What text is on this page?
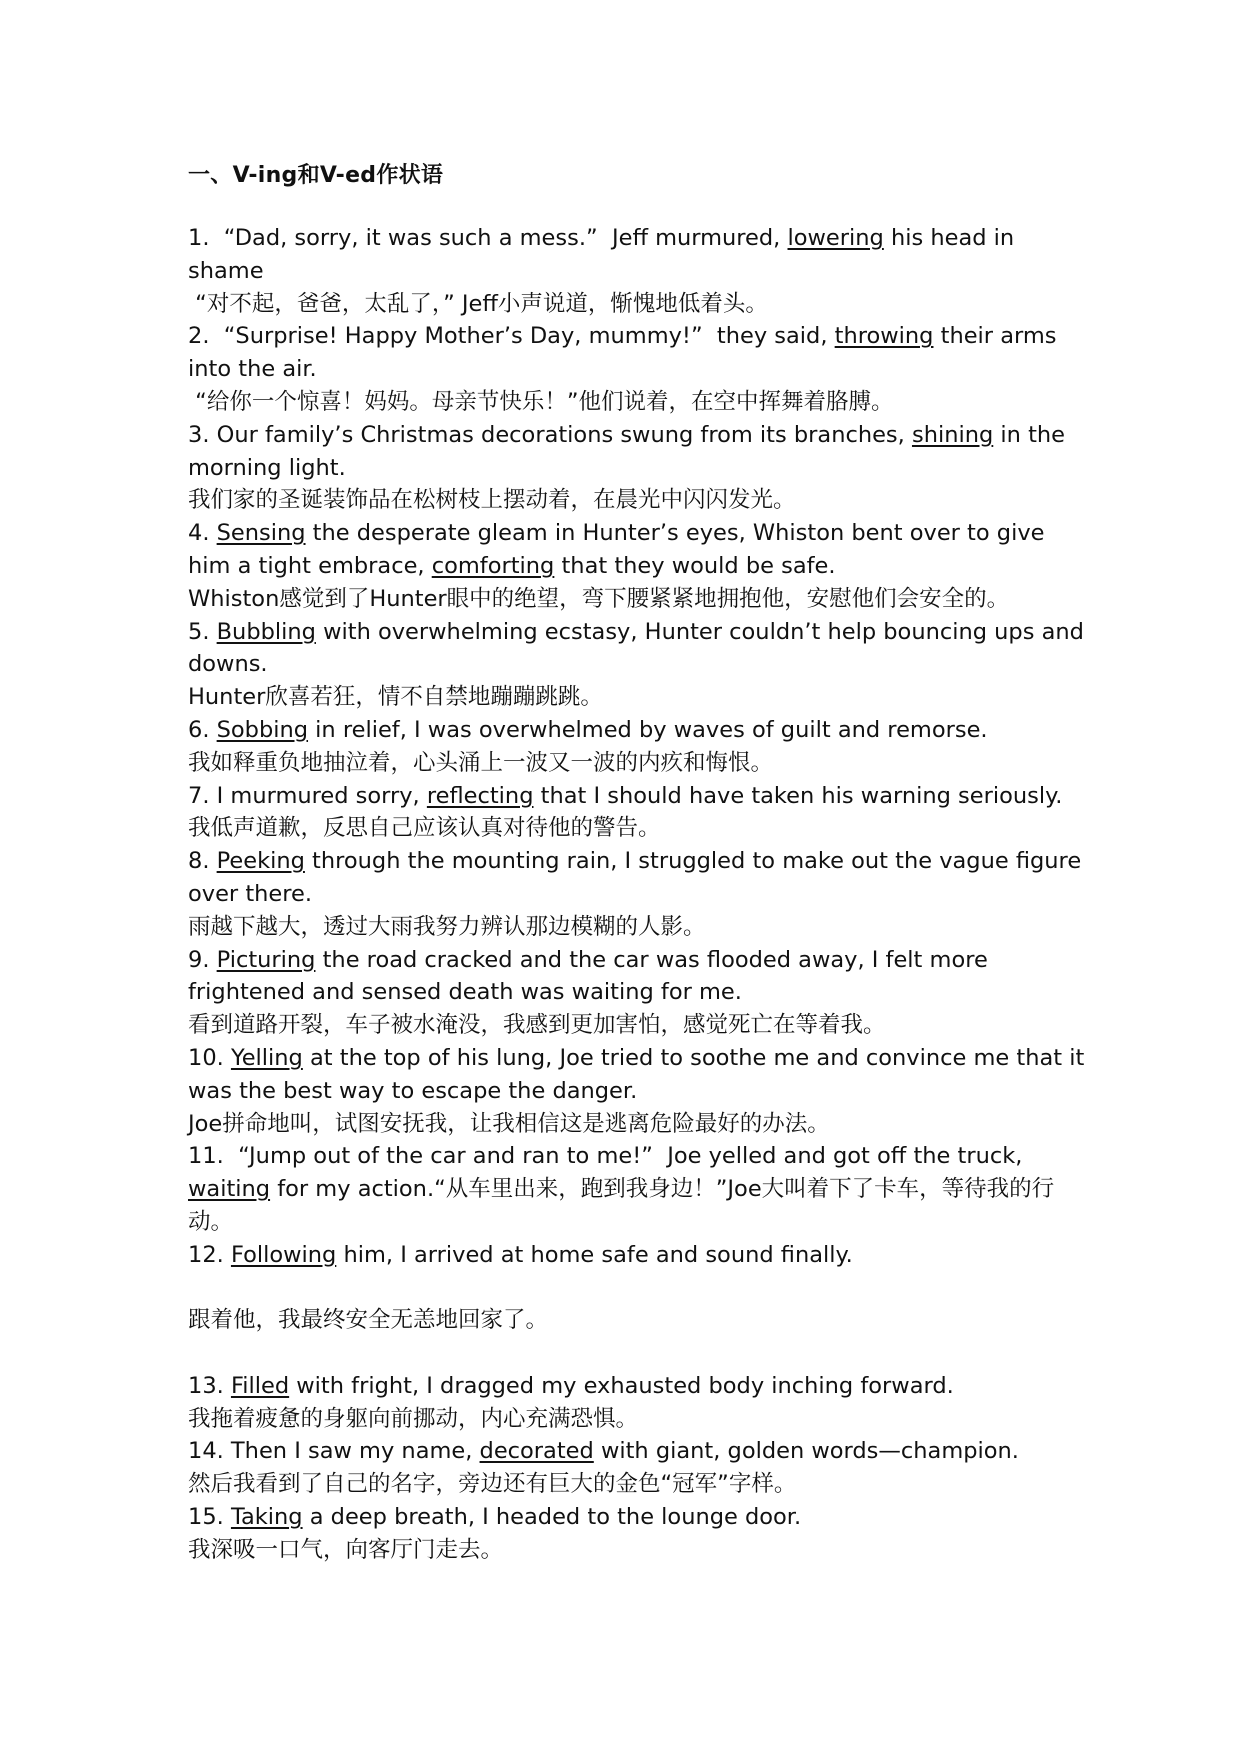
一、V-ing和V-ed作状语

1.  “Dad, sorry, it was such a mess.”  Jeff murmured, lowering his head in shame

“对不起，爸爸，太乱了，” Jeff小声说道，惭愧地低着头。

2.  “Surprise! Happy Mother’s Day, mummy!”  they said, throwing their arms into the air.

“给你一个惊喜！妈妈。母亲节快乐！”他们说着，在空中挥舞着胳膊。

3. Our family’s Christmas decorations swung from its branches, shining in the morning light.

我们家的圣诞装饰品在松树枝上摆动着，在晨光中闪闪发光。

4. Sensing the desperate gleam in Hunter’s eyes, Whiston bent over to give him a tight embrace, comforting that they would be safe.

Whiston感觉到了Hunter眼中的绝望，弯下腰紧紧地拥抱他，安慰他们会安全的。

5. Bubbling with overwhelming ecstasy, Hunter couldn’t help bouncing ups and downs.

Hunter欣喜若狂，情不自禁地蹦蹦跳跳。

6. Sobbing in relief, I was overwhelmed by waves of guilt and remorse.

我如释重负地抽泣着，心头涌上一波又一波的内疚和悔恨。

7. I murmured sorry, reflecting that I should have taken his warning seriously.

我低声道歉，反思自己应该认真对待他的警告。

8. Peeking through the mounting rain, I struggled to make out the vague figure over there.

雨越下越大，透过大雨我努力辨认那边模糊的人影。

9. Picturing the road cracked and the car was flooded away, I felt more frightened and sensed death was waiting for me.

看到道路开裂，车子被水淹没，我感到更加害怕，感觉死亡在等着我。

10. Yelling at the top of his lung, Joe tried to soothe me and convince me that it was the best way to escape the danger.

Joe拼命地叫，试图安抚我，让我相信这是逃离危险最好的办法。

11.  “Jump out of the car and ran to me!”  Joe yelled and got off the truck, waiting for my action.“从车里出来，跑到我身边！”Joe大叫着下了卡车，等待我的行动。

12. Following him, I arrived at home safe and sound finally.

跟着他，我最终安全无恙地回家了。

13. Filled with fright, I dragged my exhausted body inching forward.

我拖着疲惫的身躯向前挪动，内心充满恐惧。

14. Then I saw my name, decorated with giant, golden words—champion.

然后我看到了自己的名字，旁边还有巨大的金色“冠军”字样。

15. Taking a deep breath, I headed to the lounge door.

我深吸一口气，向客厅门走去。
